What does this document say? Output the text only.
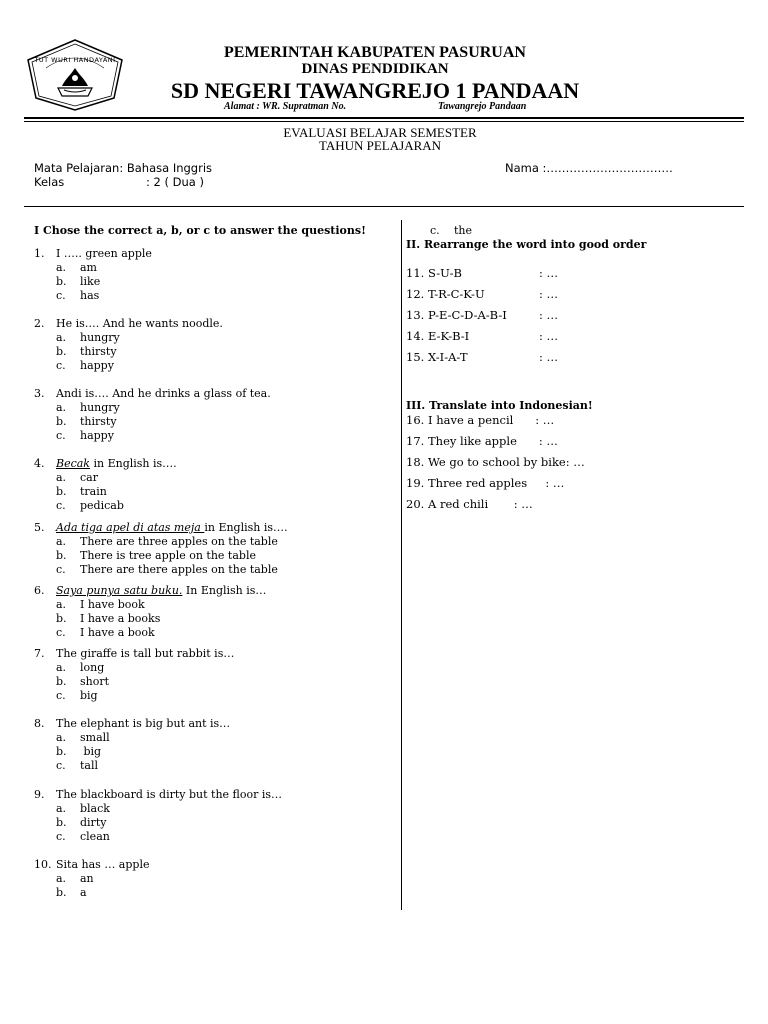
TUT WURI HANDAYANI	PEMERINTAH KABUPATEN PASURUAN
DINAS PENDIDIKAN
SD NEGERI TAWANGREJO 1 PANDAAN
Alamat : WR. Supratman No.	Tawangrejo Pandaan
EVALUASI BELAJAR SEMESTER
TAHUN PELAJARAN
Mata Pelajaran: Bahasa Inggris
Kelas	: 2 ( Dua )
Nama :……………………………
I Chose the correct a, b, or c to answer the questions!
1. I ….. green apple
a. am
b. like
c. has
2. He is…. And he wants noodle.
a. hungry
b. thirsty
c. happy
3. Andi is…. And he drinks a glass of tea.
a. hungry
b. thirsty
c. happy
4. Becak in English is….
a. car
b. train
c. pedicab
5. Ada tiga apel di atas meja in English is….
a. There are three apples on the table
b. There is tree apple on the table
c. There are there apples on the table
6. Saya punya satu buku. In English is…
a. I have book
b. I have a books
c. I have a book
7. The giraffe is tall but rabbit is…
a. long
b. short
c. big
8. The elephant is big but ant is…
a. small
b. big
c. tall
9. The blackboard is dirty but the floor is…
a. black
b. dirty
c. clean
10. Sita has … apple
a. an
b. a
c. the
II. Rearrange the word into good order
11. S-U-B	: …
12. T-R-C-K-U	: …
13. P-E-C-D-A-B-I	: …
14. E-K-B-I	: …
15. X-I-A-T	: …
III. Translate into Indonesian!
16. I have a pencil      : …
17. They like apple      : …
18. We go to school by bike: …
19. Three red apples     : …
20. A red chili       : …
